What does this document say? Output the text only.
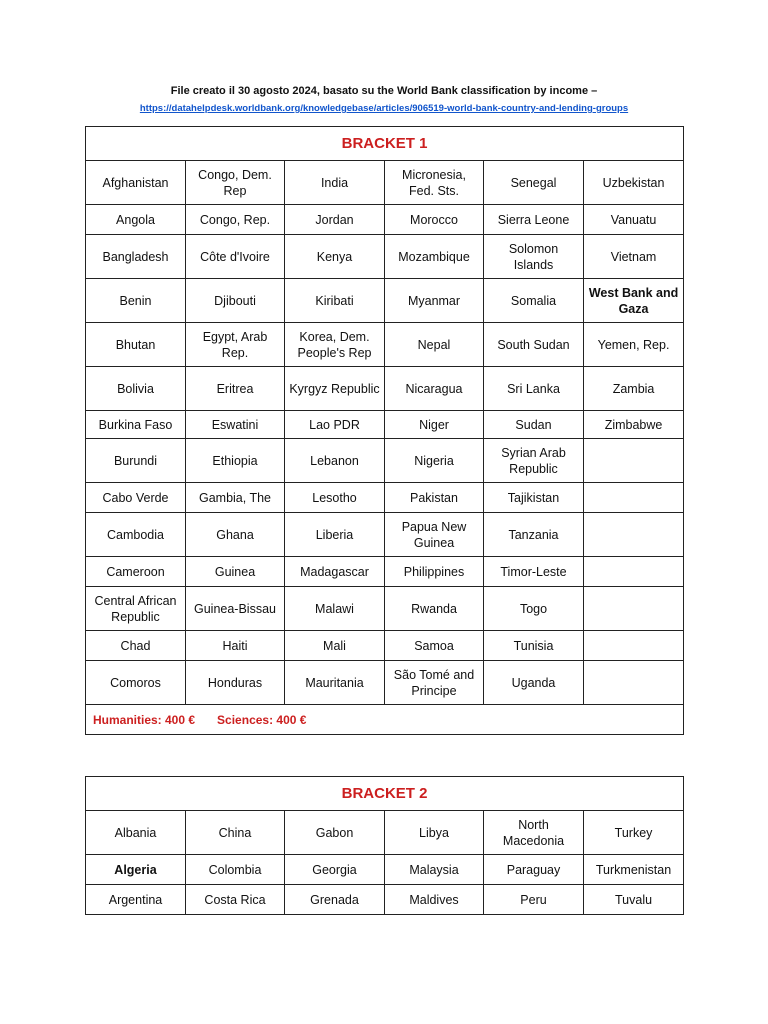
File creato il 30 agosto 2024, basato su the World Bank classification by income –
https://datahelpdesk.worldbank.org/knowledgebase/articles/906519-world-bank-country-and-lending-groups
BRACKET 1					
Afghanistan	Congo, Dem. Rep	India	Micronesia, Fed. Sts.	Senegal	Uzbekistan
Angola	Congo, Rep.	Jordan	Morocco	Sierra Leone	Vanuatu
Bangladesh	Côte d'Ivoire	Kenya	Mozambique	Solomon Islands	Vietnam
Benin	Djibouti	Kiribati	Myanmar	Somalia	West Bank and Gaza
Bhutan	Egypt, Arab Rep.	Korea, Dem. People's Rep	Nepal	South Sudan	Yemen, Rep.
Bolivia	Eritrea	Kyrgyz Republic	Nicaragua	Sri Lanka	Zambia
Burkina Faso	Eswatini	Lao PDR	Niger	Sudan	Zimbabwe
Burundi	Ethiopia	Lebanon	Nigeria	Syrian Arab Republic	
Cabo Verde	Gambia, The	Lesotho	Pakistan	Tajikistan	
Cambodia	Ghana	Liberia	Papua New Guinea	Tanzania	
Cameroon	Guinea	Madagascar	Philippines	Timor-Leste	
Central African Republic	Guinea-Bissau	Malawi	Rwanda	Togo	
Chad	Haiti	Mali	Samoa	Tunisia	
Comoros	Honduras	Mauritania	São Tomé and Principe	Uganda	
Humanities: 400 € Sciences: 400 €					
BRACKET 2					
Albania	China	Gabon	Libya	North Macedonia	Turkey
Algeria	Colombia	Georgia	Malaysia	Paraguay	Turkmenistan
Argentina	Costa Rica	Grenada	Maldives	Peru	Tuvalu
